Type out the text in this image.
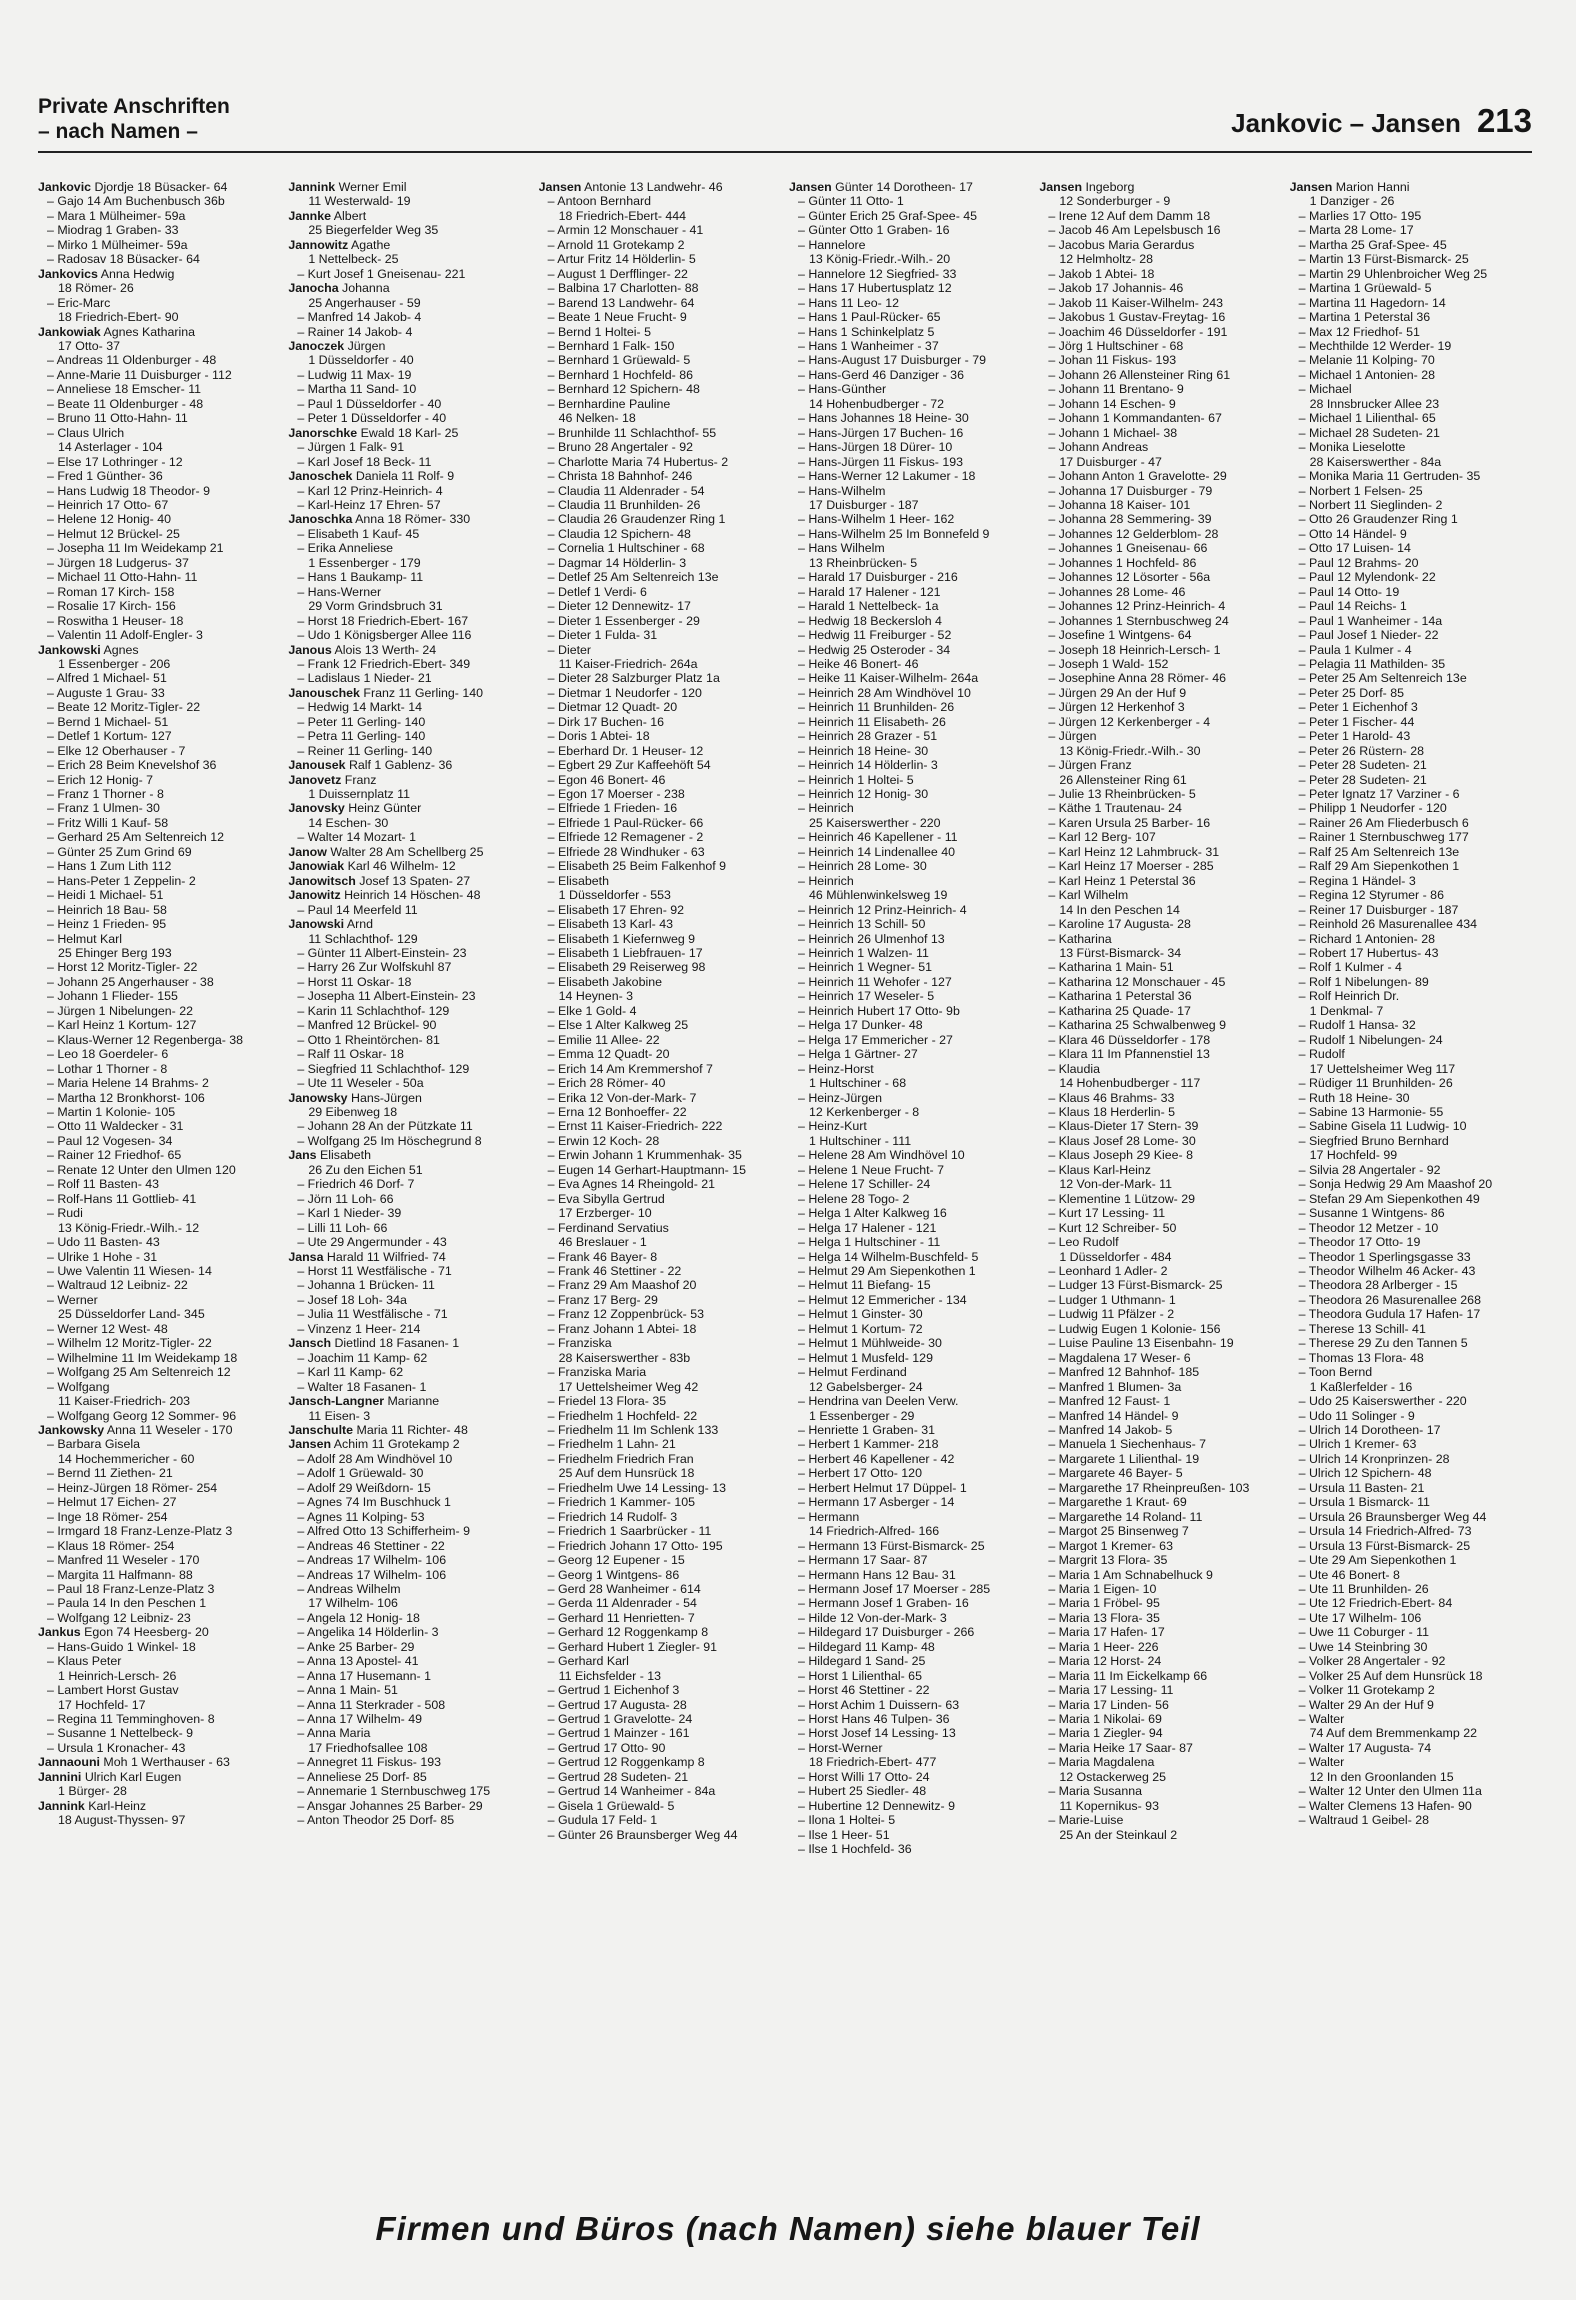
Private Anschriften
– nach Namen –	Jankovic – Jansen 213
Jankovic Djordje 18 Büsacker- 64
– Gajo 14 Am Buchenbusch 36b
– Mara 1 Mülheimer- 59a
– Miodrag 1 Graben- 33
– Mirko 1 Mülheimer- 59a
– Radosav 18 Büsacker- 64
Jankovics Anna Hedwig
18 Römer- 26
– Eric-Marc
18 Friedrich-Ebert- 90
Jankowiak Agnes Katharina
17 Otto- 37
– Andreas 11 Oldenburger - 48
– Anne-Marie 11 Duisburger - 112
– Anneliese 18 Emscher- 11
– Beate 11 Oldenburger - 48
– Bruno 11 Otto-Hahn- 11
– Claus Ulrich
14 Asterlager - 104
– Else 17 Lothringer - 12
– Fred 1 Günther- 36
– Hans Ludwig 18 Theodor- 9
– Heinrich 17 Otto- 67
– Helene 12 Honig- 40
– Helmut 12 Brückel- 25
– Josepha 11 Im Weidekamp 21
– Jürgen 18 Ludgerus- 37
– Michael 11 Otto-Hahn- 11
– Roman 17 Kirch- 158
– Rosalie 17 Kirch- 156
– Roswitha 1 Heuser- 18
– Valentin 11 Adolf-Engler- 3
Jankowski Agnes
1 Essenberger - 206
– Alfred 1 Michael- 51
– Auguste 1 Grau- 33
– Beate 12 Moritz-Tigler- 22
– Bernd 1 Michael- 51
– Detlef 1 Kortum- 127
– Elke 12 Oberhauser - 7
– Erich 28 Beim Knevelshof 36
– Erich 12 Honig- 7
– Franz 1 Thorner - 8
– Franz 1 Ulmen- 30
– Fritz Willi 1 Kauf- 58
– Gerhard 25 Am Seltenreich 12
– Günter 25 Zum Grind 69
– Hans 1 Zum Lith 112
– Hans-Peter 1 Zeppelin- 2
– Heidi 1 Michael- 51
– Heinrich 18 Bau- 58
– Heinz 1 Frieden- 95
– Helmut Karl
25 Ehinger Berg 193
– Horst 12 Moritz-Tigler- 22
– Johann 25 Angerhauser - 38
– Johann 1 Flieder- 155
– Jürgen 1 Nibelungen- 22
– Karl Heinz 1 Kortum- 127
– Klaus-Werner 12 Regenberga- 38
– Leo 18 Goerdeler- 6
– Lothar 1 Thorner - 8
– Maria Helene 14 Brahms- 2
– Martha 12 Bronkhorst- 106
– Martin 1 Kolonie- 105
– Otto 11 Waldecker - 31
– Paul 12 Vogesen- 34
– Rainer 12 Friedhof- 65
– Renate 12 Unter den Ulmen 120
– Rolf 11 Basten- 43
– Rolf-Hans 11 Gottlieb- 41
– Rudi
13 König-Friedr.-Wilh.- 12
– Udo 11 Basten- 43
– Ulrike 1 Hohe - 31
– Uwe Valentin 11 Wiesen- 14
– Waltraud 12 Leibniz- 22
– Werner
25 Düsseldorfer Land- 345
– Werner 12 West- 48
– Wilhelm 12 Moritz-Tigler- 22
– Wilhelmine 11 Im Weidekamp 18
– Wolfgang 25 Am Seltenreich 12
– Wolfgang
11 Kaiser-Friedrich- 203
– Wolfgang Georg 12 Sommer- 96
Jankowsky Anna 11 Weseler - 170
– Barbara Gisela
14 Hochemmericher - 60
– Bernd 11 Ziethen- 21
– Heinz-Jürgen 18 Römer- 254
– Helmut 17 Eichen- 27
– Inge 18 Römer- 254
– Irmgard 18 Franz-Lenze-Platz 3
– Klaus 18 Römer- 254
– Manfred 11 Weseler - 170
– Margita 11 Halfmann- 88
– Paul 18 Franz-Lenze-Platz 3
– Paula 14 In den Peschen 1
– Wolfgang 12 Leibniz- 23
Jankus Egon 74 Heesberg- 20
– Hans-Guido 1 Winkel- 18
– Klaus Peter
1 Heinrich-Lersch- 26
– Lambert Horst Gustav
17 Hochfeld- 17
– Regina 11 Temminghoven- 8
– Susanne 1 Nettelbeck- 9
– Ursula 1 Kronacher- 43
Jannaouni Moh 1 Werthauser - 63
Jannini Ulrich Karl Eugen
1 Bürger- 28
Jannink Karl-Heinz
18 August-Thyssen- 97
Jannink Werner Emil
11 Westerwald- 19
Jannke Albert
25 Biegerfelder Weg 35
Jannowitz Agathe
1 Nettelbeck- 25
– Kurt Josef 1 Gneisenau- 221
Janocha Johanna
25 Angerhauser - 59
– Manfred 14 Jakob- 4
– Rainer 14 Jakob- 4
Janoczek Jürgen
1 Düsseldorfer - 40
– Ludwig 11 Max- 19
– Martha 11 Sand- 10
– Paul 1 Düsseldorfer - 40
– Peter 1 Düsseldorfer - 40
Janorschke Ewald 18 Karl- 25
– Jürgen 1 Falk- 91
– Karl Josef 18 Beck- 11
Janoschek Daniela 11 Rolf- 9
– Karl 12 Prinz-Heinrich- 4
– Karl-Heinz 17 Ehren- 57
Janoschka Anna 18 Römer- 330
– Elisabeth 1 Kauf- 45
– Erika Anneliese
1 Essenberger - 179
– Hans 1 Baukamp- 11
– Hans-Werner
29 Vorm Grindsbruch 31
– Horst 18 Friedrich-Ebert- 167
– Udo 1 Königsberger Allee 116
Janous Alois 13 Werth- 24
– Frank 12 Friedrich-Ebert- 349
– Ladislaus 1 Nieder- 21
Janouschek Franz 11 Gerling- 140
– Hedwig 14 Markt- 14
– Peter 11 Gerling- 140
– Petra 11 Gerling- 140
– Reiner 11 Gerling- 140
Janousek Ralf 1 Gablenz- 36
Janovetz Franz
1 Duissernplatz 11
Janovsky Heinz Günter
14 Eschen- 30
– Walter 14 Mozart- 1
Janow Walter 28 Am Schellberg 25
Janowiak Karl 46 Wilhelm- 12
Janowitsch Josef 13 Spaten- 27
Janowitz Heinrich 14 Höschen- 48
– Paul 14 Meerfeld 11
Janowski Arnd
11 Schlachthof- 129
– Günter 11 Albert-Einstein- 23
– Harry 26 Zur Wolfskuhl 87
– Horst 11 Oskar- 18
– Josepha 11 Albert-Einstein- 23
– Karin 11 Schlachthof- 129
– Manfred 12 Brückel- 90
– Otto 1 Rheintörchen- 81
– Ralf 11 Oskar- 18
– Siegfried 11 Schlachthof- 129
– Ute 11 Weseler - 50a
Janowsky Hans-Jürgen
29 Eibenweg 18
– Johann 28 An der Pützkate 11
– Wolfgang 25 Im Höschegrund 8
Jans Elisabeth
26 Zu den Eichen 51
– Friedrich 46 Dorf- 7
– Jörn 11 Loh- 66
– Karl 1 Nieder- 39
– Lilli 11 Loh- 66
– Ute 29 Angermunder - 43
Jansa Harald 11 Wilfried- 74
– Horst 11 Westfälische - 71
– Johanna 1 Brücken- 11
– Josef 18 Loh- 34a
– Julia 11 Westfälische - 71
– Vinzenz 1 Heer- 214
Jansch Dietlind 18 Fasanen- 1
– Joachim 11 Kamp- 62
– Karl 11 Kamp- 62
– Walter 18 Fasanen- 1
Jansch-Langner Marianne
11 Eisen- 3
Janschulte Maria 11 Richter- 48
Jansen Achim 11 Grotekamp 2
– Adolf 28 Am Windhövel 10
– Adolf 1 Grüewald- 30
– Adolf 29 Weißdorn- 15
– Agnes 74 Im Buschhuck 1
– Agnes 11 Kolping- 53
– Alfred Otto 13 Schifferheim- 9
– Andreas 46 Stettiner - 22
– Andreas 17 Wilhelm- 106
– Andreas 17 Wilhelm- 106
– Andreas Wilhelm
17 Wilhelm- 106
– Angela 12 Honig- 18
– Angelika 14 Hölderlin- 3
– Anke 25 Barber- 29
– Anna 13 Apostel- 41
– Anna 17 Husemann- 1
– Anna 1 Main- 51
– Anna 11 Sterkrader - 508
– Anna 17 Wilhelm- 49
– Anna Maria
17 Friedhofsallee 108
– Annegret 11 Fiskus- 193
– Anneliese 25 Dorf- 85
– Annemarie 1 Sternbuschweg 175
– Ansgar Johannes 25 Barber- 29
– Anton Theodor 25 Dorf- 85
Jansen Antonie 13 Landwehr- 46
– Antoon Bernhard
18 Friedrich-Ebert- 444
– Armin 12 Monschauer - 41
– Arnold 11 Grotekamp 2
– Artur Fritz 14 Hölderlin- 5
– August 1 Derfflinger- 22
– Balbina 17 Charlotten- 88
– Barend 13 Landwehr- 64
– Beate 1 Neue Frucht- 9
– Bernd 1 Holtei- 5
– Bernhard 1 Falk- 150
– Bernhard 1 Grüewald- 5
– Bernhard 1 Hochfeld- 86
– Bernhard 12 Spichern- 48
– Bernhardine Pauline
46 Nelken- 18
– Brunhilde 11 Schlachthof- 55
– Bruno 28 Angertaler - 92
– Charlotte Maria 74 Hubertus- 2
– Christa 18 Bahnhof- 246
– Claudia 11 Aldenrader - 54
– Claudia 11 Brunhilden- 26
– Claudia 26 Graudenzer Ring 1
– Claudia 12 Spichern- 48
– Cornelia 1 Hultschiner - 68
– Dagmar 14 Hölderlin- 3
– Detlef 25 Am Seltenreich 13e
– Detlef 1 Verdi- 6
– Dieter 12 Dennewitz- 17
– Dieter 1 Essenberger - 29
– Dieter 1 Fulda- 31
– Dieter
11 Kaiser-Friedrich- 264a
– Dieter 28 Salzburger Platz 1a
– Dietmar 1 Neudorfer - 120
– Dietmar 12 Quadt- 20
– Dirk 17 Buchen- 16
– Doris 1 Abtei- 18
– Eberhard Dr. 1 Heuser- 12
– Egbert 29 Zur Kaffeehöft 54
– Egon 46 Bonert- 46
– Egon 17 Moerser - 238
– Elfriede 1 Frieden- 16
– Elfriede 1 Paul-Rücker- 66
– Elfriede 12 Remagener - 2
– Elfriede 28 Windhuker - 63
– Elisabeth 25 Beim Falkenhof 9
– Elisabeth
1 Düsseldorfer - 553
– Elisabeth 17 Ehren- 92
– Elisabeth 13 Karl- 43
– Elisabeth 1 Kiefernweg 9
– Elisabeth 1 Liebfrauen- 17
– Elisabeth 29 Reiserweg 98
– Elisabeth Jakobine
14 Heynen- 3
– Elke 1 Gold- 4
– Else 1 Alter Kalkweg 25
– Emilie 11 Allee- 22
– Emma 12 Quadt- 20
– Erich 14 Am Kremmershof 7
– Erich 28 Römer- 40
– Erika 12 Von-der-Mark- 7
– Erna 12 Bonhoeffer- 22
– Ernst 11 Kaiser-Friedrich- 222
– Erwin 12 Koch- 28
– Erwin Johann 1 Krummenhak- 35
– Eugen 14 Gerhart-Hauptmann- 15
– Eva Agnes 14 Rheingold- 21
– Eva Sibylla Gertrud
17 Erzberger- 10
– Ferdinand Servatius
46 Breslauer - 1
– Frank 46 Bayer- 8
– Frank 46 Stettiner - 22
– Franz 29 Am Maashof 20
– Franz 17 Berg- 29
– Franz 12 Zoppenbrück- 53
– Franz Johann 1 Abtei- 18
– Franziska
28 Kaiserswerther - 83b
– Franziska Maria
17 Uettelsheimer Weg 42
– Friedel 13 Flora- 35
– Friedhelm 1 Hochfeld- 22
– Friedhelm 11 Im Schlenk 133
– Friedhelm 1 Lahn- 21
– Friedhelm Friedrich Fran
25 Auf dem Hunsrück 18
– Friedhelm Uwe 14 Lessing- 13
– Friedrich 1 Kammer- 105
– Friedrich 14 Rudolf- 3
– Friedrich 1 Saarbrücker - 11
– Friedrich Johann 17 Otto- 195
– Georg 12 Eupener - 15
– Georg 1 Wintgens- 86
– Gerd 28 Wanheimer - 614
– Gerda 11 Aldenrader - 54
– Gerhard 11 Henriettеn- 7
– Gerhard 12 Roggenkamp 8
– Gerhard Hubert 1 Ziegler- 91
– Gerhard Karl
11 Eichsfelder - 13
– Gertrud 1 Eichenhof 3
– Gertrud 17 Augusta- 28
– Gertrud 1 Gravelotte- 24
– Gertrud 1 Mainzer - 161
– Gertrud 17 Otto- 90
– Gertrud 12 Roggenkamp 8
– Gertrud 28 Sudeten- 21
– Gertrud 14 Wanheimer - 84a
– Gisela 1 Grüewald- 5
– Gudula 17 Feld- 1
– Günter 26 Braunsberger Weg 44
Jansen Günter 14 Dorotheen- 17
– Günter 11 Otto- 1
– Günter Erich 25 Graf-Spee- 45
– Günter Otto 1 Graben- 16
– Hannelore
13 König-Friedr.-Wilh.- 20
– Hannelore 12 Siegfried- 33
– Hans 17 Hubertusplatz 12
– Hans 11 Leo- 12
– Hans 1 Paul-Rücker- 65
– Hans 1 Schinkelplatz 5
– Hans 1 Wanheimer - 37
– Hans-August 17 Duisburger - 79
– Hans-Gerd 46 Danziger - 36
– Hans-Günther
14 Hohenbudberger - 72
– Hans Johannes 18 Heine- 30
– Hans-Jürgen 17 Buchen- 16
– Hans-Jürgen 18 Dürer- 10
– Hans-Jürgen 11 Fiskus- 193
– Hans-Werner 12 Lakumer - 18
– Hans-Wilhelm
17 Duisburger - 187
– Hans-Wilhelm 1 Heer- 162
– Hans-Wilhelm 25 Im Bonnefeld 9
– Hans Wilhelm
13 Rheinbrücken- 5
– Harald 17 Duisburger - 216
– Harald 17 Halener - 121
– Harald 1 Nettelbeck- 1a
– Hedwig 18 Beckersloh 4
– Hedwig 11 Freiburger - 52
– Hedwig 25 Osteroder - 34
– Heike 46 Bonert- 46
– Heike 11 Kaiser-Wilhelm- 264a
– Heinrich 28 Am Windhövel 10
– Heinrich 11 Brunhilden- 26
– Heinrich 11 Elisabeth- 26
– Heinrich 28 Grazer - 51
– Heinrich 18 Heine- 30
– Heinrich 14 Hölderlin- 3
– Heinrich 1 Holtei- 5
– Heinrich 12 Honig- 30
– Heinrich
25 Kaiserswerther - 220
– Heinrich 46 Kapellener - 11
– Heinrich 14 Lindenallee 40
– Heinrich 28 Lome- 30
– Heinrich
46 Mühlenwinkelsweg 19
– Heinrich 12 Prinz-Heinrich- 4
– Heinrich 13 Schill- 50
– Heinrich 26 Ulmenhof 13
– Heinrich 1 Walzen- 11
– Heinrich 1 Wegner- 51
– Heinrich 11 Wehofer - 127
– Heinrich 17 Weseler- 5
– Heinrich Hubert 17 Otto- 9b
– Helga 17 Dunker- 48
– Helga 17 Emmericher - 27
– Helga 1 Gärtner- 27
– Heinz-Horst
1 Hultschiner - 68
– Heinz-Jürgen
12 Kerkenberger - 8
– Heinz-Kurt
1 Hultschiner - 111
– Helene 28 Am Windhövel 10
– Helene 1 Neue Frucht- 7
– Helene 17 Schiller- 24
– Helene 28 Togo- 2
– Helga 1 Alter Kalkweg 16
– Helga 17 Halener - 121
– Helga 1 Hultschiner - 11
– Helga 14 Wilhelm-Buschfeld- 5
– Helmut 29 Am Siepenkothen 1
– Helmut 11 Biefang- 15
– Helmut 12 Emmericher - 134
– Helmut 1 Ginster- 30
– Helmut 1 Kortum- 72
– Helmut 1 Mühlweide- 30
– Helmut 1 Musfeld- 129
– Helmut Ferdinand
12 Gabelsberger- 24
– Hendrina van Deelen Verw.
1 Essenberger - 29
– Henriette 1 Graben- 31
– Herbert 1 Kammer- 218
– Herbert 46 Kapellener - 42
– Herbert 17 Otto- 120
– Herbert Helmut 17 Düppel- 1
– Hermann 17 Asberger - 14
– Hermann
14 Friedrich-Alfred- 166
– Hermann 13 Fürst-Bismarck- 25
– Hermann 17 Saar- 87
– Hermann Hans 12 Bau- 31
– Hermann Josef 17 Moerser - 285
– Hermann Josef 1 Graben- 16
– Hilde 12 Von-der-Mark- 3
– Hildegard 17 Duisburger - 266
– Hildegard 11 Kamp- 48
– Hildegard 1 Sand- 25
– Horst 1 Lilienthal- 65
– Horst 46 Stettiner - 22
– Horst Achim 1 Duissern- 63
– Horst Hans 46 Tulpen- 36
– Horst Josef 14 Lessing- 13
– Horst-Werner
18 Friedrich-Ebert- 477
– Horst Willi 17 Otto- 24
– Hubert 25 Siedler- 48
– Hubertine 12 Dennewitz- 9
– Ilona 1 Holtei- 5
– Ilse 1 Heer- 51
– Ilse 1 Hochfeld- 36
Jansen Ingeborg
12 Sonderburger - 9
– Irene 12 Auf dem Damm 18
– Jacob 46 Am Lepelsbusch 16
– Jacobus Maria Gerardus
12 Helmholtz- 28
– Jakob 1 Abtei- 18
– Jakob 17 Johannis- 46
– Jakob 11 Kaiser-Wilhelm- 243
– Jakobus 1 Gustav-Freytag- 16
– Joachim 46 Düsseldorfer - 191
– Jörg 1 Hultschiner - 68
– Johan 11 Fiskus- 193
– Johann 26 Allensteiner Ring 61
– Johann 11 Brentano- 9
– Johann 14 Eschen- 9
– Johann 1 Kommandanten- 67
– Johann 1 Michael- 38
– Johann Andreas
17 Duisburger - 47
– Johann Anton 1 Gravelotte- 29
– Johanna 17 Duisburger - 79
– Johanna 18 Kaiser- 101
– Johanna 28 Semmering- 39
– Johannes 12 Gelderblom- 28
– Johannes 1 Gneisenau- 66
– Johannes 1 Hochfeld- 86
– Johannes 12 Lösorter - 56a
– Johannes 28 Lome- 46
– Johannes 12 Prinz-Heinrich- 4
– Johannes 1 Sternbuschweg 24
– Josefine 1 Wintgens- 64
– Joseph 18 Heinrich-Lersch- 1
– Joseph 1 Wald- 152
– Josephine Anna 28 Römer- 46
– Jürgen 29 An der Huf 9
– Jürgen 12 Herkenhof 3
– Jürgen 12 Kerkenberger - 4
– Jürgen
13 König-Friedr.-Wilh.- 30
– Jürgen Franz
26 Allensteiner Ring 61
– Julie 13 Rheinbrücken- 5
– Käthe 1 Trautenau- 24
– Karen Ursula 25 Barber- 16
– Karl 12 Berg- 107
– Karl Heinz 12 Lahmbruck- 31
– Karl Heinz 17 Moerser - 285
– Karl Heinz 1 Peterstal 36
– Karl Wilhelm
14 In den Peschen 14
– Karoline 17 Augusta- 28
– Katharina
13 Fürst-Bismarck- 34
– Katharina 1 Main- 51
– Katharina 12 Monschauer - 45
– Katharina 1 Peterstal 36
– Katharina 25 Quade- 17
– Katharina 25 Schwalbenweg 9
– Klara 46 Düsseldorfer - 178
– Klara 11 Im Pfannenstiel 13
– Klaudia
14 Hohenbudberger - 117
– Klaus 46 Brahms- 33
– Klaus 18 Herderlin- 5
– Klaus-Dieter 17 Stern- 39
– Klaus Josef 28 Lome- 30
– Klaus Joseph 29 Kiee- 8
– Klaus Karl-Heinz
12 Von-der-Mark- 11
– Klementine 1 Lützow- 29
– Kurt 17 Lessing- 11
– Kurt 12 Schreiber- 50
– Leo Rudolf
1 Düsseldorfer - 484
– Leonhard 1 Adler- 2
– Ludger 13 Fürst-Bismarck- 25
– Ludger 1 Uthmann- 1
– Ludwig 11 Pfälzer - 2
– Ludwig Eugen 1 Kolonie- 156
– Luise Pauline 13 Eisenbahn- 19
– Magdalena 17 Weser- 6
– Manfred 12 Bahnhof- 185
– Manfred 1 Blumen- 3a
– Manfred 12 Faust- 1
– Manfred 14 Händel- 9
– Manfred 14 Jakob- 5
– Manuela 1 Siechenhaus- 7
– Margarete 1 Lilienthal- 19
– Margarete 46 Bayer- 5
– Margarethe 17 Rheinpreußen- 103
– Margarethe 1 Kraut- 69
– Margarethe 14 Roland- 11
– Margot 25 Binsenweg 7
– Margot 1 Kremer- 63
– Margrit 13 Flora- 35
– Maria 1 Am Schnabelhuck 9
– Maria 1 Eigen- 10
– Maria 1 Fröbel- 95
– Maria 13 Flora- 35
– Maria 17 Hafen- 17
– Maria 1 Heer- 226
– Maria 12 Horst- 24
– Maria 11 Im Eickelkamp 66
– Maria 17 Lessing- 11
– Maria 17 Linden- 56
– Maria 1 Nikolai- 69
– Maria 1 Ziegler- 94
– Maria Heike 17 Saar- 87
– Maria Magdalena
12 Ostackerweg 25
– Maria Susanna
11 Kopernikus- 93
– Marie-Luise
25 An der Steinkaul 2
Jansen Marion Hanni
1 Danziger - 26
– Marlies 17 Otto- 195
– Marta 28 Lome- 17
– Martha 25 Graf-Spee- 45
– Martin 13 Fürst-Bismarck- 25
– Martin 29 Uhlenbroicher Weg 25
– Martina 1 Grüewald- 5
– Martina 11 Hagedorn- 14
– Martina 1 Peterstal 36
– Max 12 Friedhof- 51
– Mechthilde 12 Werder- 19
– Melanie 11 Kolping- 70
– Michael 1 Antonien- 28
– Michael
28 Innsbrucker Allee 23
– Michael 1 Lilienthal- 65
– Michael 28 Sudeten- 21
– Monika Lieselotte
28 Kaiserswerther - 84a
– Monika Maria 11 Gertruden- 35
– Norbert 1 Felsen- 25
– Norbert 11 Sieglinden- 2
– Otto 26 Graudenzer Ring 1
– Otto 14 Händel- 9
– Otto 17 Luisen- 14
– Paul 12 Brahms- 20
– Paul 12 Mylendonk- 22
– Paul 14 Otto- 19
– Paul 14 Reichs- 1
– Paul 1 Wanheimer - 14a
– Paul Josef 1 Nieder- 22
– Paula 1 Kulmer - 4
– Pelagia 11 Mathilden- 35
– Peter 25 Am Seltenreich 13e
– Peter 25 Dorf- 85
– Peter 1 Eichenhof 3
– Peter 1 Fischer- 44
– Peter 1 Harold- 43
– Peter 26 Rüstern- 28
– Peter 28 Sudeten- 21
– Peter 28 Sudeten- 21
– Peter Ignatz 17 Varziner - 6
– Philipp 1 Neudorfer - 120
– Rainer 26 Am Fliederbusch 6
– Rainer 1 Sternbuschweg 177
– Ralf 25 Am Seltenreich 13e
– Ralf 29 Am Siepenkothen 1
– Regina 1 Händel- 3
– Regina 12 Styrumer - 86
– Reiner 17 Duisburger - 187
– Reinhold 26 Masurenallee 434
– Richard 1 Antonien- 28
– Robert 17 Hubertus- 43
– Rolf 1 Kulmer - 4
– Rolf 1 Nibelungen- 89
– Rolf Heinrich Dr.
1 Denkmal- 7
– Rudolf 1 Hansa- 32
– Rudolf 1 Nibelungen- 24
– Rudolf
17 Uettelsheimer Weg 117
– Rüdiger 11 Brunhilden- 26
– Ruth 18 Heine- 30
– Sabine 13 Harmonie- 55
– Sabine Gisela 11 Ludwig- 10
– Siegfried Bruno Bernhard
17 Hochfeld- 99
– Silvia 28 Angertaler - 92
– Sonja Hedwig 29 Am Maashof 20
– Stefan 29 Am Siepenkothen 49
– Susanne 1 Wintgens- 86
– Theodor 12 Metzer - 10
– Theodor 17 Otto- 19
– Theodor 1 Sperlingsgasse 33
– Theodor Wilhelm 46 Acker- 43
– Theodora 28 Arlberger - 15
– Theodora 26 Masurenallee 268
– Theodora Gudula 17 Hafen- 17
– Therese 13 Schill- 41
– Therese 29 Zu den Tannen 5
– Thomas 13 Flora- 48
– Toon Bernd
1 Kaßlerfelder - 16
– Udo 25 Kaiserswerther - 220
– Udo 11 Solinger - 9
– Ulrich 14 Dorotheen- 17
– Ulrich 1 Kremer- 63
– Ulrich 14 Kronprinzen- 28
– Ulrich 12 Spichern- 48
– Ursula 11 Basten- 21
– Ursula 1 Bismarck- 11
– Ursula 26 Braunsberger Weg 44
– Ursula 14 Friedrich-Alfred- 73
– Ursula 13 Fürst-Bismarck- 25
– Ute 29 Am Siepenkothen 1
– Ute 46 Bonert- 8
– Ute 11 Brunhilden- 26
– Ute 12 Friedrich-Ebert- 84
– Ute 17 Wilhelm- 106
– Uwe 11 Coburger - 11
– Uwe 14 Steinbring 30
– Volker 28 Angertaler - 92
– Volker 25 Auf dem Hunsrück 18
– Volker 11 Grotekamp 2
– Walter 29 An der Huf 9
– Walter
74 Auf dem Bremmenkamp 22
– Walter 17 Augusta- 74
– Walter
12 In den Groonlanden 15
– Walter 12 Unter den Ulmen 11a
– Walter Clemens 13 Hafen- 90
– Waltraud 1 Geibel- 28
Firmen und Büros (nach Namen) siehe blauer Teil
